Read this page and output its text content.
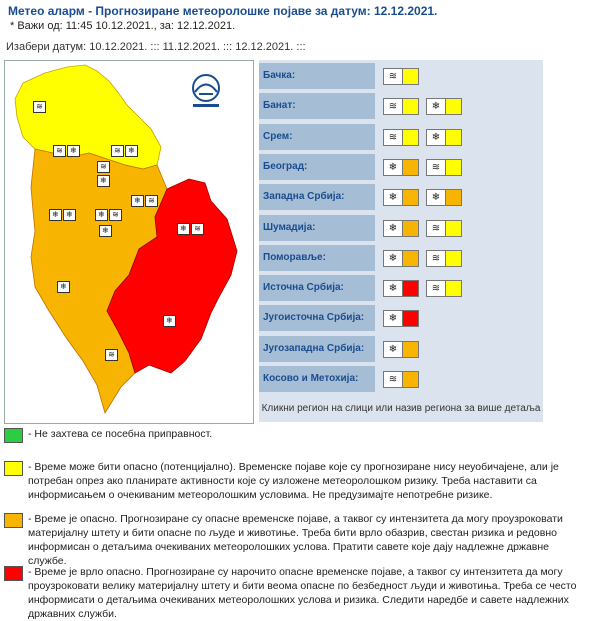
Метео аларм - Прогнозиране метеоролошке појаве за датум: 12.12.2021.
* Важи од: 11:45 10.12.2021., за: 12.12.2021.
Изабери датум: 10.12.2021. ::: 11.12.2021. ::: 12.12.2021. :::
≋
≋ ❄	≋ ❄
≋
❄
❄ ≋
❄ ❄	❄ ≋
❄	❄ ≋
❄
❄
≋
Кликни регион на слици или назив региона за више детаља
Бачка:	≋
Банат:	≋	❄
Срем:	≋	❄
Београд:	❄	≋
Западна Србија:	❄	❄
Шумадија:	❄	≋
Поморавље:	❄	≋
Источна Србија:	❄	≋
Југоисточна Србија:	❄
Југозападна Србија:	❄
Косово и Метохија:	≋
- Не захтева се посебна приправност.
- Време може бити опасно (потенцијално). Временске појаве које су прогнозиране нису неуобичајене, али је потребан опрез ако планирате активности које су изложене метеоролошком ризику. Треба наставити са информисањем о очекиваним метеоролошким условима. Не предузимајте непотребне ризике.
- Време је опасно. Прогнозиране су опасне временске појаве, а таквог су интензитета да могу проузроковати материјалну штету и бити опасне по људе и животиње. Треба бити врло обазрив, свестан ризика и редовно информисан о детаљима очекиваних метеоролошких услова. Пратити савете које дају надлежне државне службе.
- Време је врло опасно. Прогнозиране су нарочито опасне временске појаве, а таквог су интензитета да могу проузроковати велику материјалну штету и бити веома опасне по безбедност људи и животиња. Треба се често информисати о детаљима очекиваних метеоролошких услова и ризика. Следити наредбе и савете надлежних државних служби.
